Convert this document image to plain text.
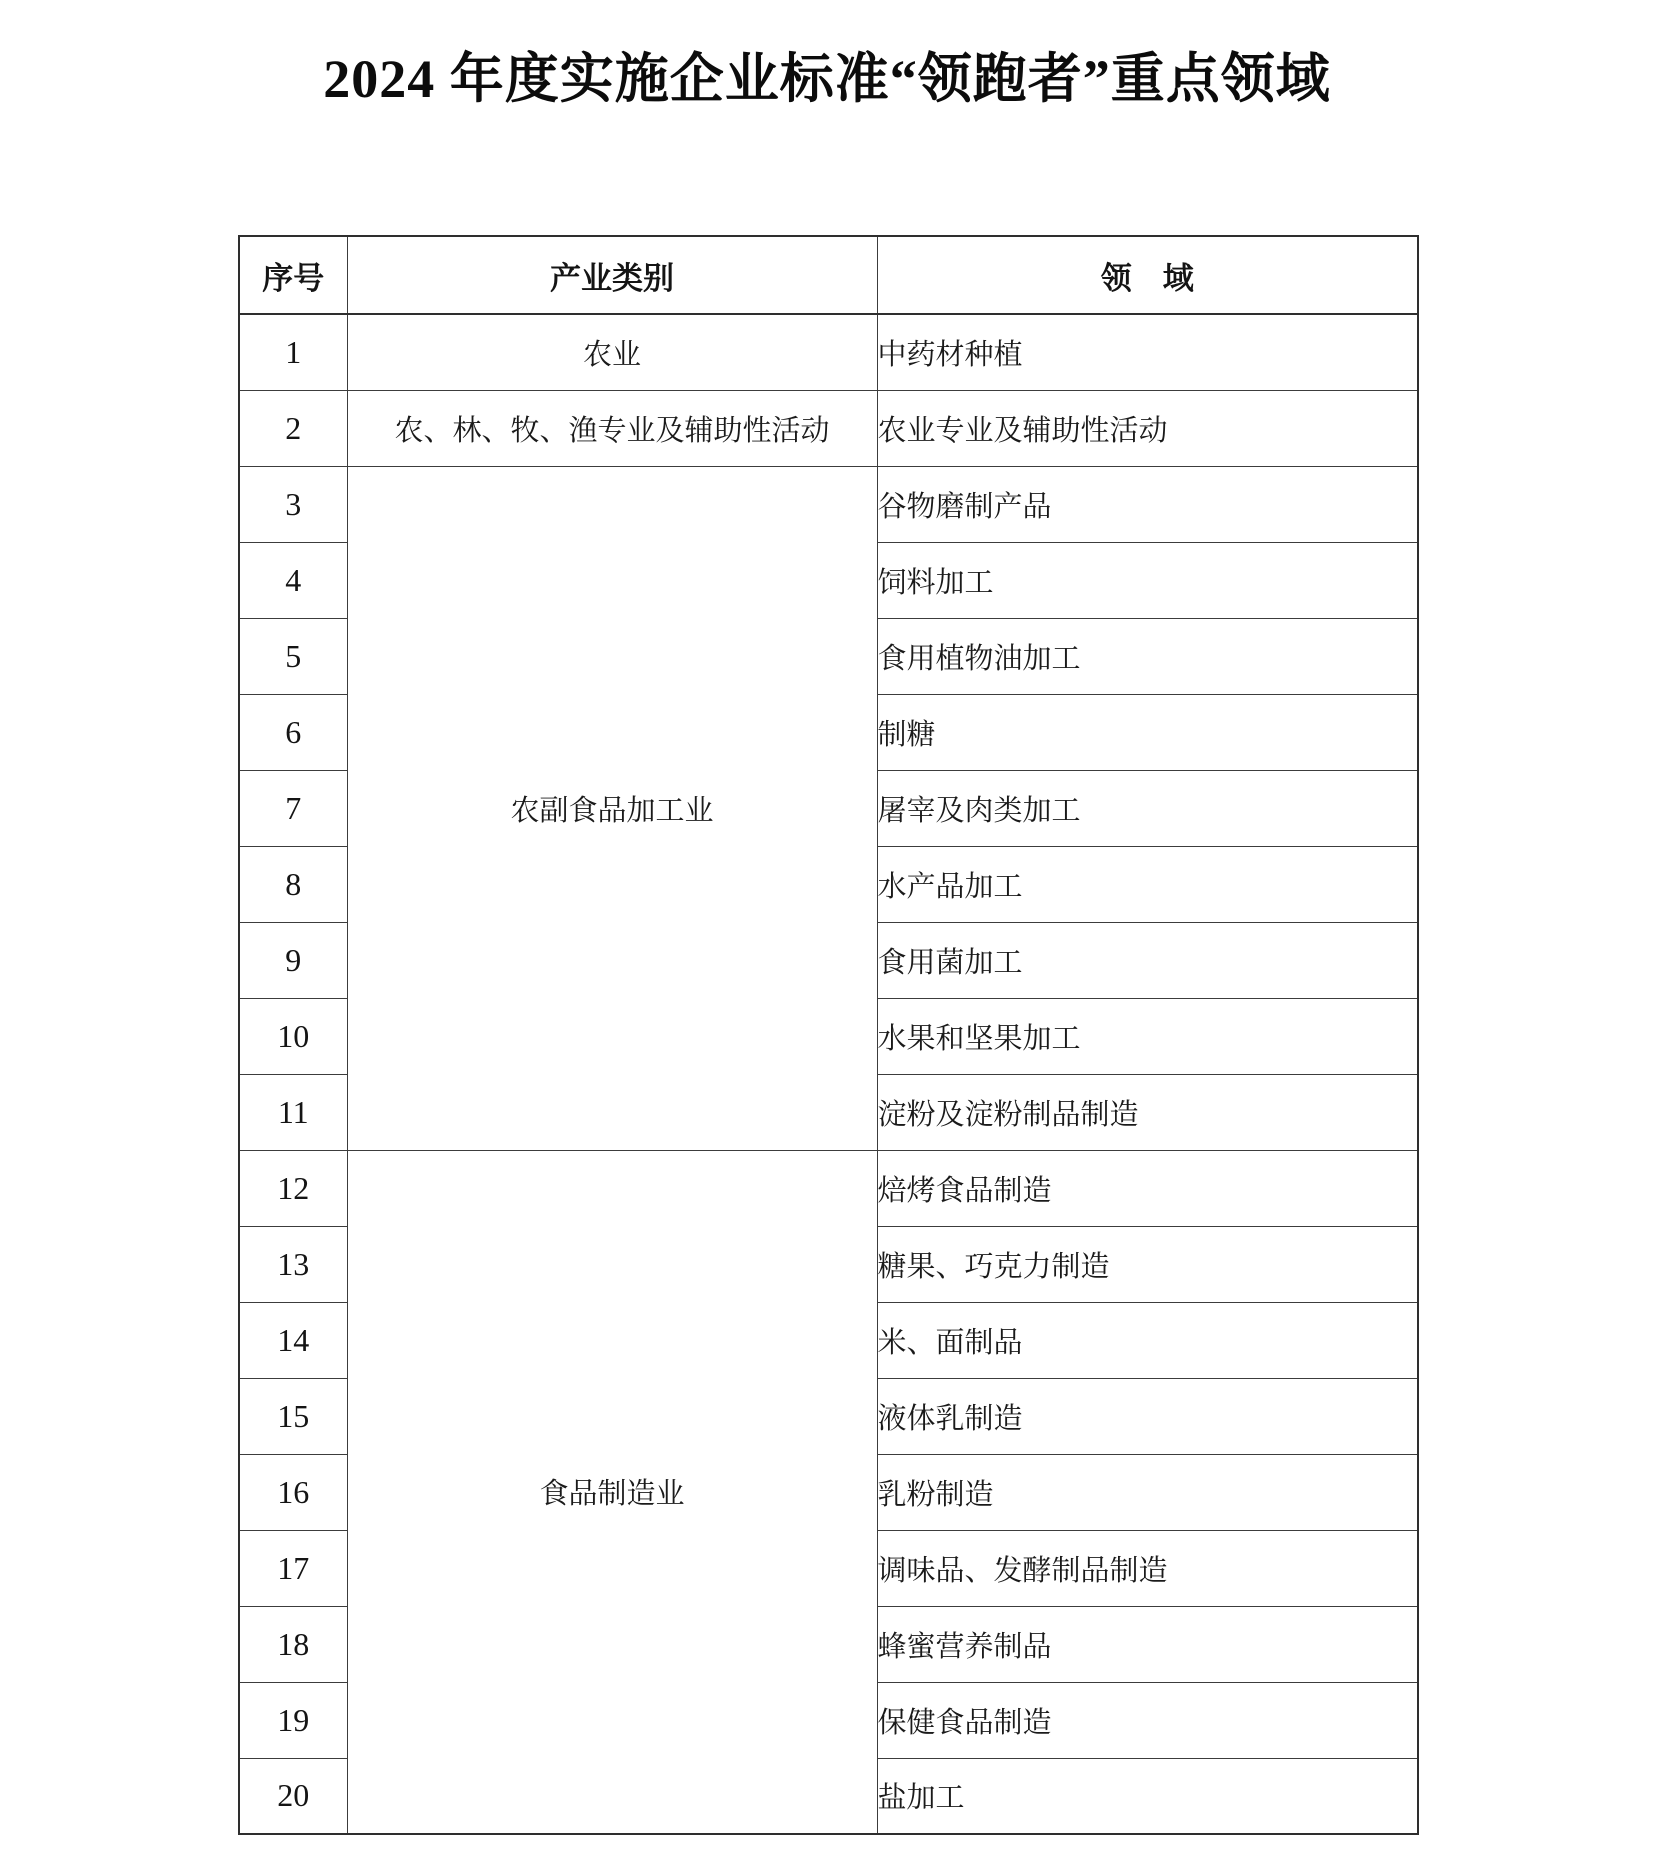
2024 年度实施企业标准“领跑者”重点领域
序号	产业类别	领　域
1	农业	中药材种植
2	农、林、牧、渔专业及辅助性活动	农业专业及辅助性活动
3	农副食品加工业	谷物磨制产品
4		饲料加工
5		食用植物油加工
6		制糖
7		屠宰及肉类加工
8		水产品加工
9		食用菌加工
10		水果和坚果加工
11		淀粉及淀粉制品制造
12	食品制造业	焙烤食品制造
13		糖果、巧克力制造
14		米、面制品
15		液体乳制造
16		乳粉制造
17		调味品、发酵制品制造
18		蜂蜜营养制品
19		保健食品制造
20		盐加工
